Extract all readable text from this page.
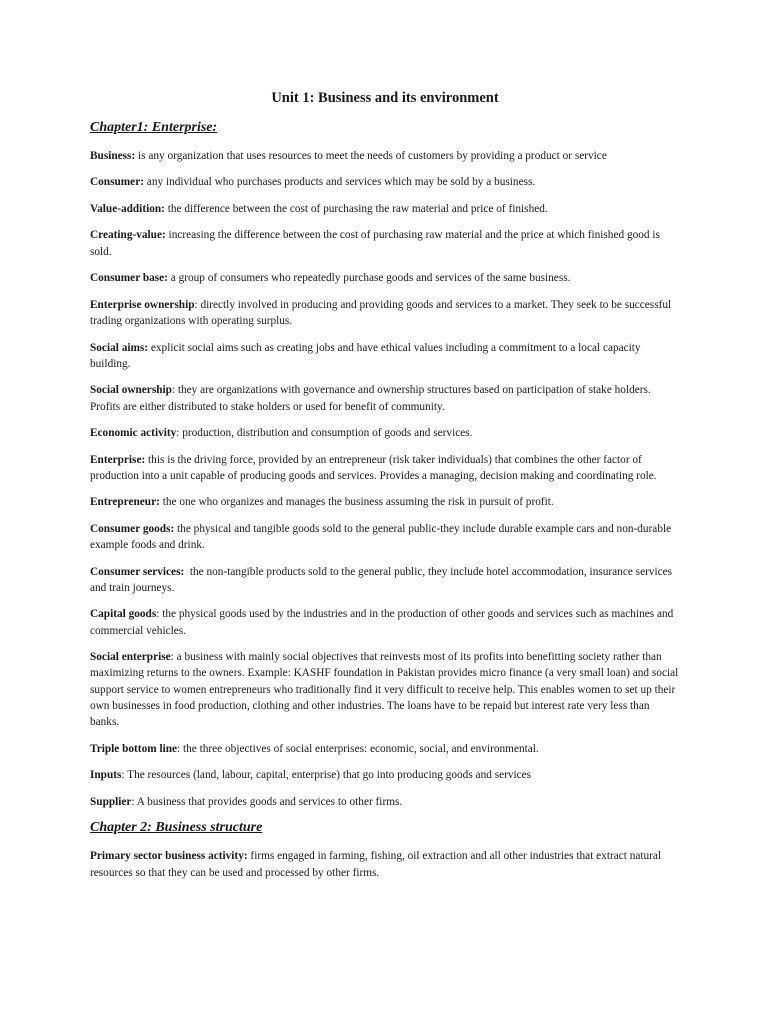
Unit 1: Business and its environment
Chapter1: Enterprise:

Business: is any organization that uses resources to meet the needs of customers by providing a product or service

Consumer: any individual who purchases products and services which may be sold by a business.

Value-addition: the difference between the cost of purchasing the raw material and price of finished.

Creating-value: increasing the difference between the cost of purchasing raw material and the price at which finished good is sold.

Consumer base: a group of consumers who repeatedly purchase goods and services of the same business.

Enterprise ownership: directly involved in producing and providing goods and services to a market. They seek to be successful trading organizations with operating surplus.

Social aims: explicit social aims such as creating jobs and have ethical values including a commitment to a local capacity building.

Social ownership: they are organizations with governance and ownership structures based on participation of stake holders. Profits are either distributed to stake holders or used for benefit of community.

Economic activity: production, distribution and consumption of goods and services.

Enterprise: this is the driving force, provided by an entrepreneur (risk taker individuals) that combines the other factor of production into a unit capable of producing goods and services. Provides a managing, decision making and coordinating role.

Entrepreneur: the one who organizes and manages the business assuming the risk in pursuit of profit.

Consumer goods: the physical and tangible goods sold to the general public-they include durable example cars and non-durable example foods and drink.

Consumer services:  the non-tangible products sold to the general public, they include hotel accommodation, insurance services and train journeys.

Capital goods: the physical goods used by the industries and in the production of other goods and services such as machines and commercial vehicles.

Social enterprise: a business with mainly social objectives that reinvests most of its profits into benefitting society rather than maximizing returns to the owners. Example: KASHF foundation in Pakistan provides micro finance (a very small loan) and social support service to women entrepreneurs who traditionally find it very difficult to receive help. This enables women to set up their own businesses in food production, clothing and other industries. The loans have to be repaid but interest rate very less than banks.

Triple bottom line: the three objectives of social enterprises: economic, social, and environmental.

Inputs: The resources (land, labour, capital, enterprise) that go into producing goods and services

Supplier: A business that provides goods and services to other firms.

Chapter 2: Business structure

Primary sector business activity: firms engaged in farming, fishing, oil extraction and all other industries that extract natural resources so that they can be used and processed by other firms.
